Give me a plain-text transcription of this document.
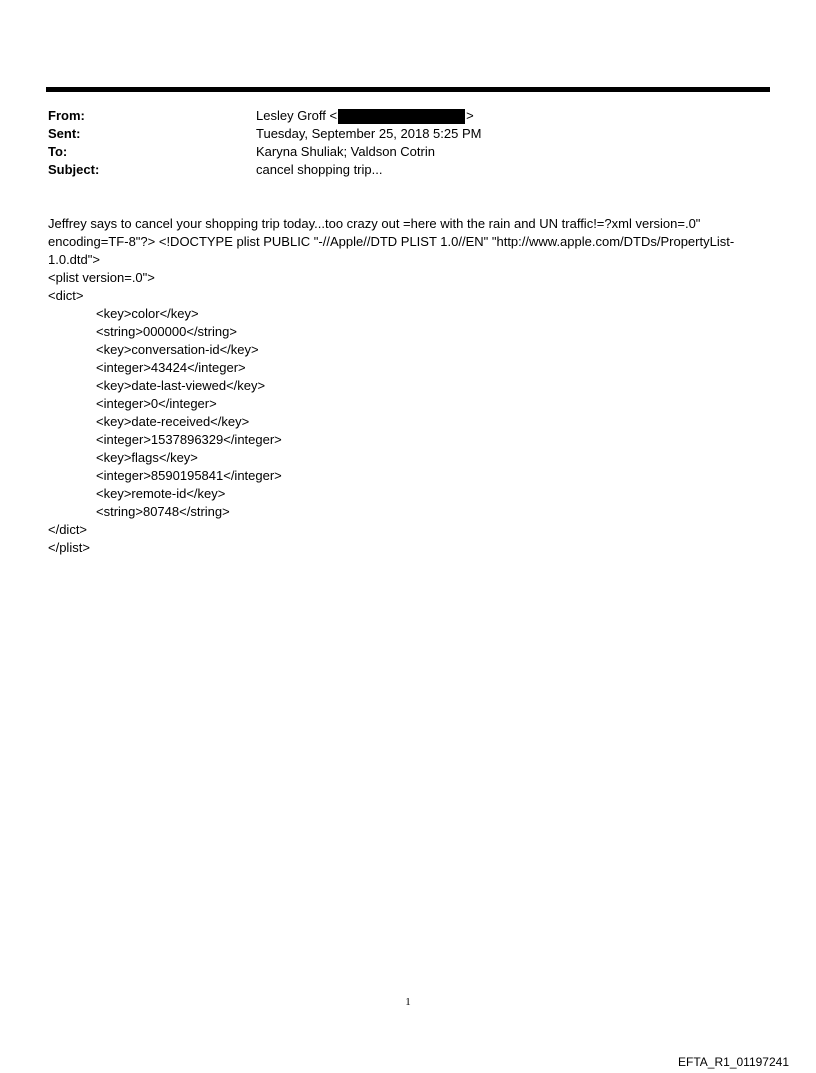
From:	Lesley Groff <	>
Sent:	Tuesday, September 25, 2018 5:25 PM
To:	Karyna Shuliak; Valdson Cotrin
Subject:	cancel shopping trip...

Jeffrey says to cancel your shopping trip today...too crazy out =here with the rain and UN traffic!=?xml version=.0" encoding=TF-8"?> <!DOCTYPE plist PUBLIC "-//Apple//DTD PLIST 1.0//EN" "http://www.apple.com/DTDs/PropertyList-1.0.dtd">

<plist version=.0">

<dict>

<key>color</key>

<string>000000</string>

<key>conversation-id</key>

<integer>43424</integer>

<key>date-last-viewed</key>

<integer>0</integer>

<key>date-received</key>

<integer>1537896329</integer>

<key>flags</key>

<integer>8590195841</integer>

<key>remote-id</key>

<string>80748</string>

</dict>

</plist>

1
EFTA_R1_01197241
